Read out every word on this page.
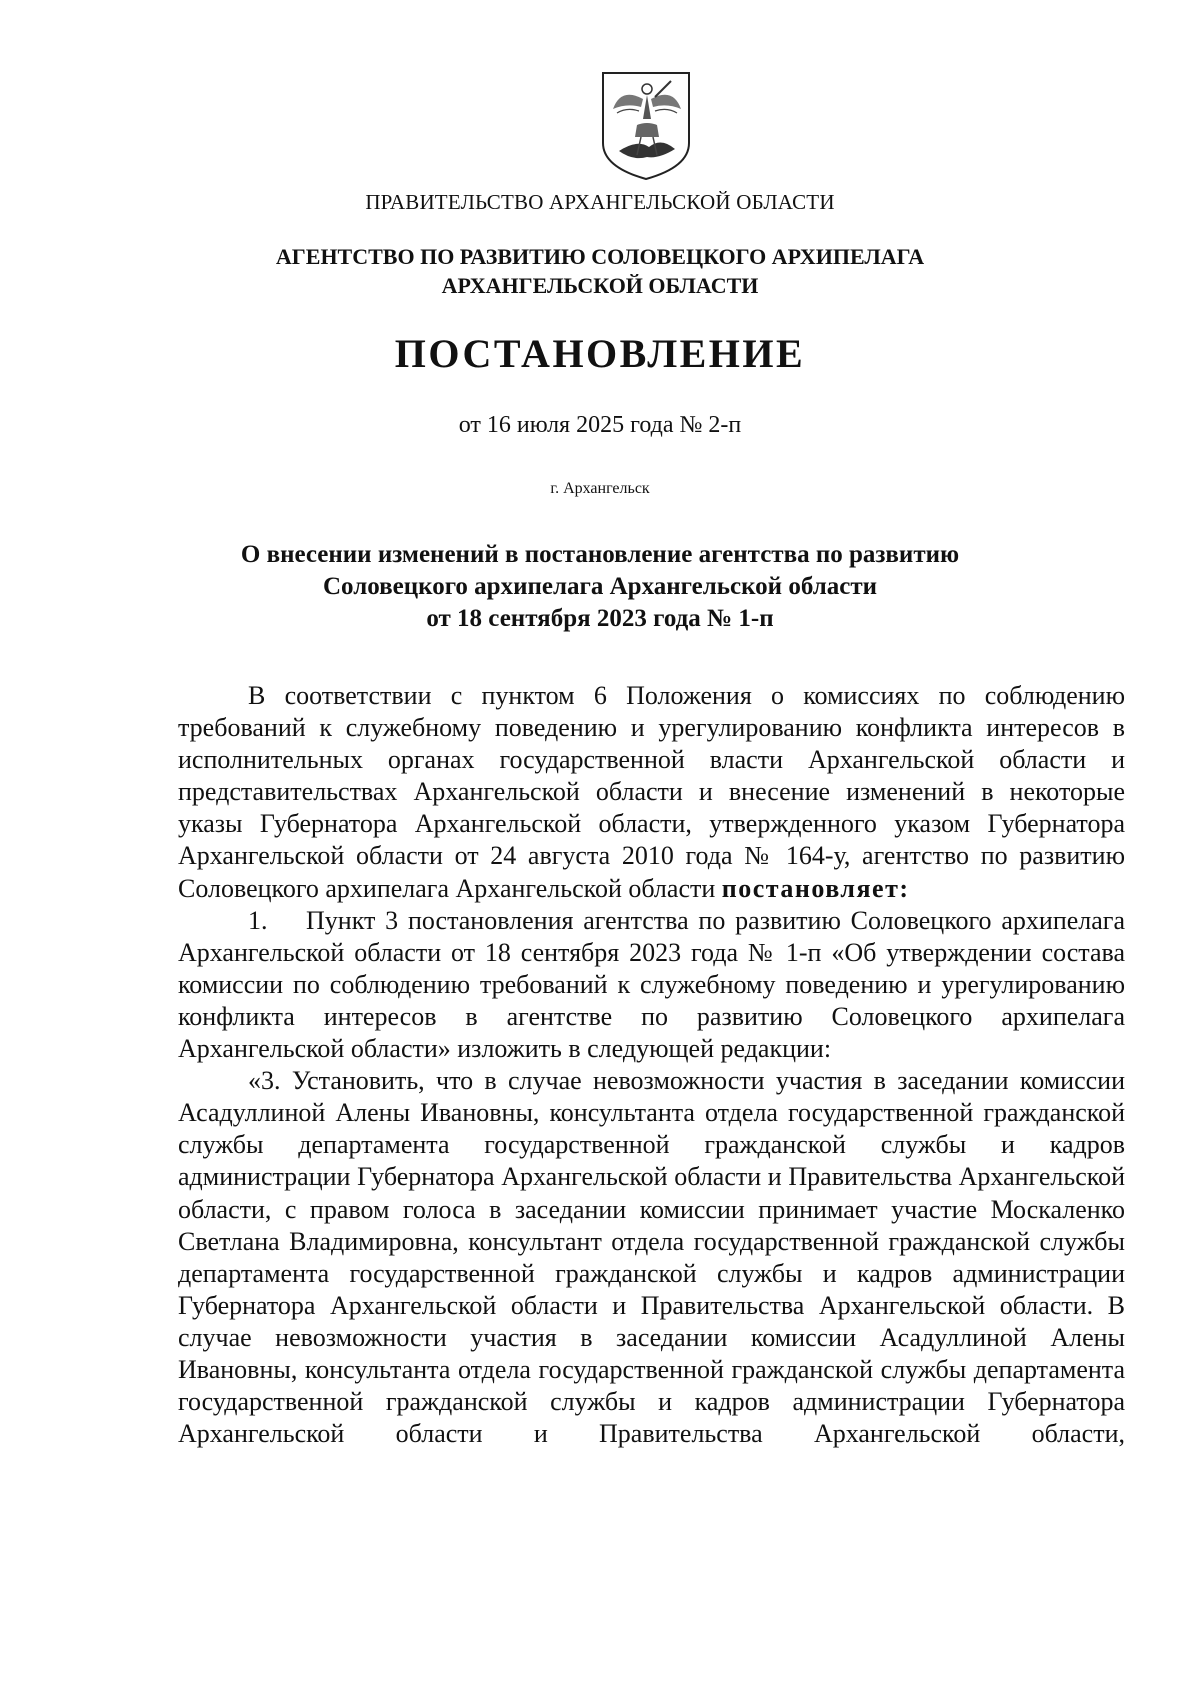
ПРАВИТЕЛЬСТВО АРХАНГЕЛЬСКОЙ ОБЛАСТИ
АГЕНТСТВО ПО РАЗВИТИЮ СОЛОВЕЦКОГО АРХИПЕЛАГА
АРХАНГЕЛЬСКОЙ ОБЛАСТИ
ПОСТАНОВЛЕНИЕ
от 16 июля 2025 года № 2-п
г. Архангельск
О внесении изменений в постановление агентства по развитию
Соловецкого архипелага Архангельской области
от 18 сентября 2023 года № 1-п

В соответствии с пунктом 6 Положения о комиссиях по соблюдению требований к служебному поведению и урегулированию конфликта интересов в исполнительных органах государственной власти Архангельской области и представительствах Архангельской области и внесение изменений в некоторые указы Губернатора Архангельской области, утвержденного указом Губернатора Архангельской области от 24 августа 2010 года № 164-у, агентство по развитию Соловецкого архипелага Архангельской области постановляет:

1. Пункт 3 постановления агентства по развитию Соловецкого архипелага Архангельской области от 18 сентября 2023 года № 1-п «Об утверждении состава комиссии по соблюдению требований к служебному поведению и урегулированию конфликта интересов в агентстве по развитию Соловецкого архипелага Архангельской области» изложить в следующей редакции:

«3. Установить, что в случае невозможности участия в заседании комиссии Асадуллиной Алены Ивановны, консультанта отдела государственной гражданской службы департамента государственной гражданской службы и кадров администрации Губернатора Архангельской области и Правительства Архангельской области, с правом голоса в заседании комиссии принимает участие Москаленко Светлана Владимировна, консультант отдела государственной гражданской службы департамента государственной гражданской службы и кадров администрации Губернатора Архангельской области и Правительства Архангельской области. В случае невозможности участия в заседании комиссии Асадуллиной Алены Ивановны, консультанта отдела государственной гражданской службы департамента государственной гражданской службы и кадров администрации Губернатора Архангельской области и Правительства Архангельской области,
